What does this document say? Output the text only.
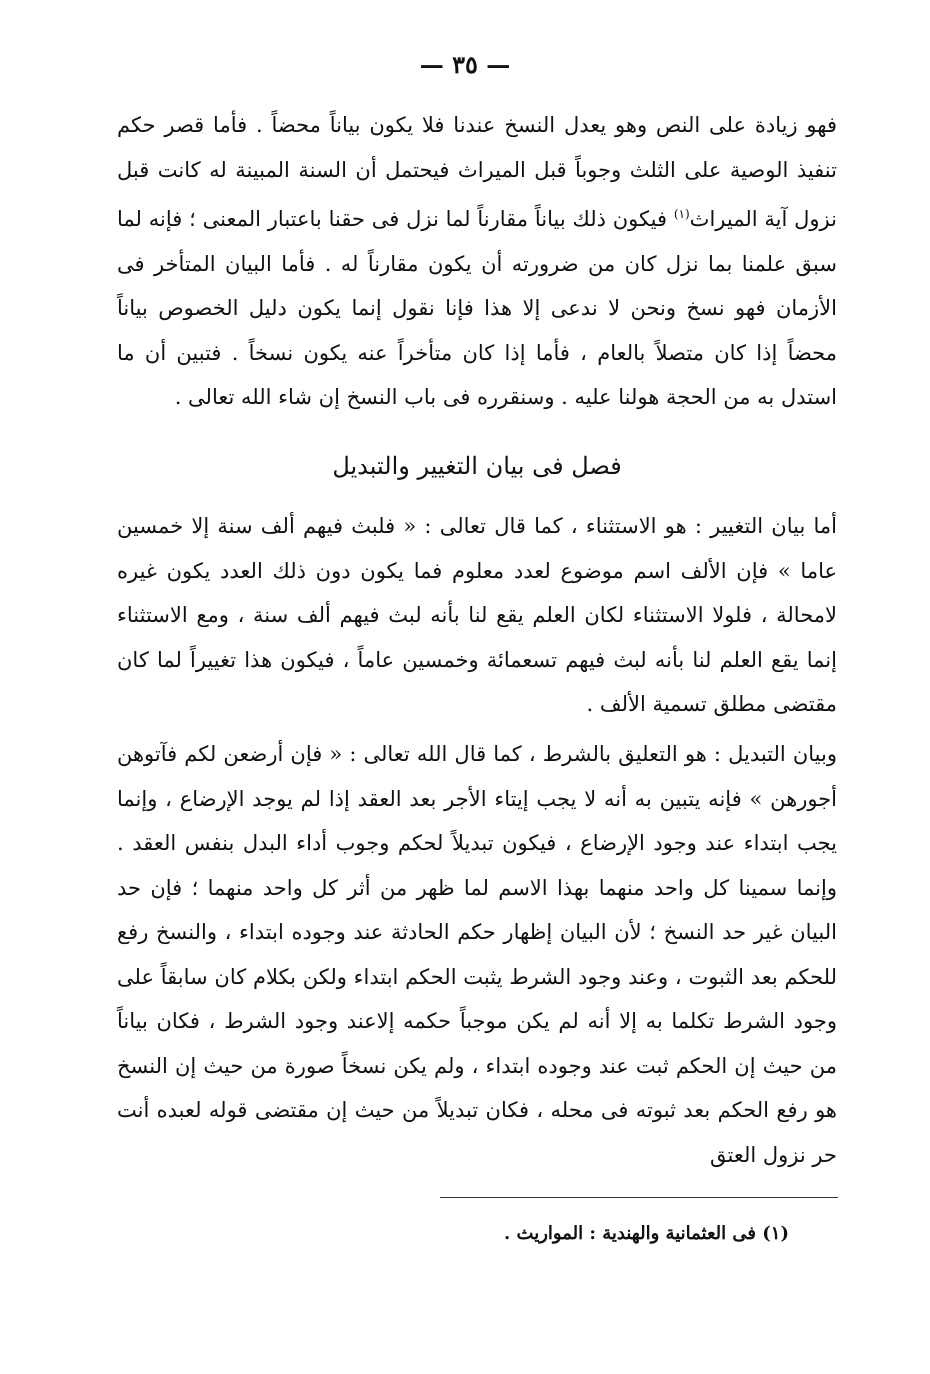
— ٣٥ —

فهو زيادة على النص وهو يعدل النسخ عندنا فلا يكون بياناً محضاً . فأما قصر حكم تنفيذ الوصية على الثلث وجوباً قبل الميراث فيحتمل أن السنة المبينة له كانت قبل نزول آية الميراث$^{(١)}$ فيكون ذلك بياناً مقارناً لما نزل فى حقنا باعتبار المعنى ؛ فإنه لما سبق علمنا بما نزل كان من ضرورته أن يكون مقارناً له . فأما البيان المتأخر فى الأزمان فهو نسخ ونحن لا ندعى إلا هذا فإنا نقول إنما يكون دليل الخصوص بياناً محضاً إذا كان متصلاً بالعام ، فأما إذا كان متأخراً عنه يكون نسخاً . فتبين أن ما استدل به من الحجة هولنا عليه . وسنقرره فى باب النسخ إن شاء الله تعالى .

فصل فى بيان التغيير والتبديل

أما بيان التغيير : هو الاستثناء ، كما قال تعالى : « فلبث فيهم ألف سنة إلا خمسين عاما » فإن الألف اسم موضوع لعدد معلوم فما يكون دون ذلك العدد يكون غيره لامحالة ، فلولا الاستثناء لكان العلم يقع لنا بأنه لبث فيهم ألف سنة ، ومع الاستثناء إنما يقع العلم لنا بأنه لبث فيهم تسعمائة وخمسين عاماً ، فيكون هذا تغييراً لما كان مقتضى مطلق تسمية الألف .

وبيان التبديل : هو التعليق بالشرط ، كما قال الله تعالى : « فإن أرضعن لكم فآتوهن أجورهن » فإنه يتبين به أنه لا يجب إيتاء الأجر بعد العقد إذا لم يوجد الإرضاع ، وإنما يجب ابتداء عند وجود الإرضاع ، فيكون تبديلاً لحكم وجوب أداء البدل بنفس العقد . وإنما سمينا كل واحد منهما بهذا الاسم لما ظهر من أثر كل واحد منهما ؛ فإن حد البيان غير حد النسخ ؛ لأن البيان إظهار حكم الحادثة عند وجوده ابتداء ، والنسخ رفع للحكم بعد الثبوت ، وعند وجود الشرط يثبت الحكم ابتداء ولكن بكلام كان سابقاً على وجود الشرط تكلما به إلا أنه لم يكن موجباً حكمه إلاعند وجود الشرط ، فكان بياناً من حيث إن الحكم ثبت عند وجوده ابتداء ، ولم يكن نسخاً صورة من حيث إن النسخ هو رفع الحكم بعد ثبوته فى محله ، فكان تبديلاً من حيث إن مقتضى قوله لعبده أنت حر نزول العتق

(١) فى العثمانية والهندية : المواريث .
